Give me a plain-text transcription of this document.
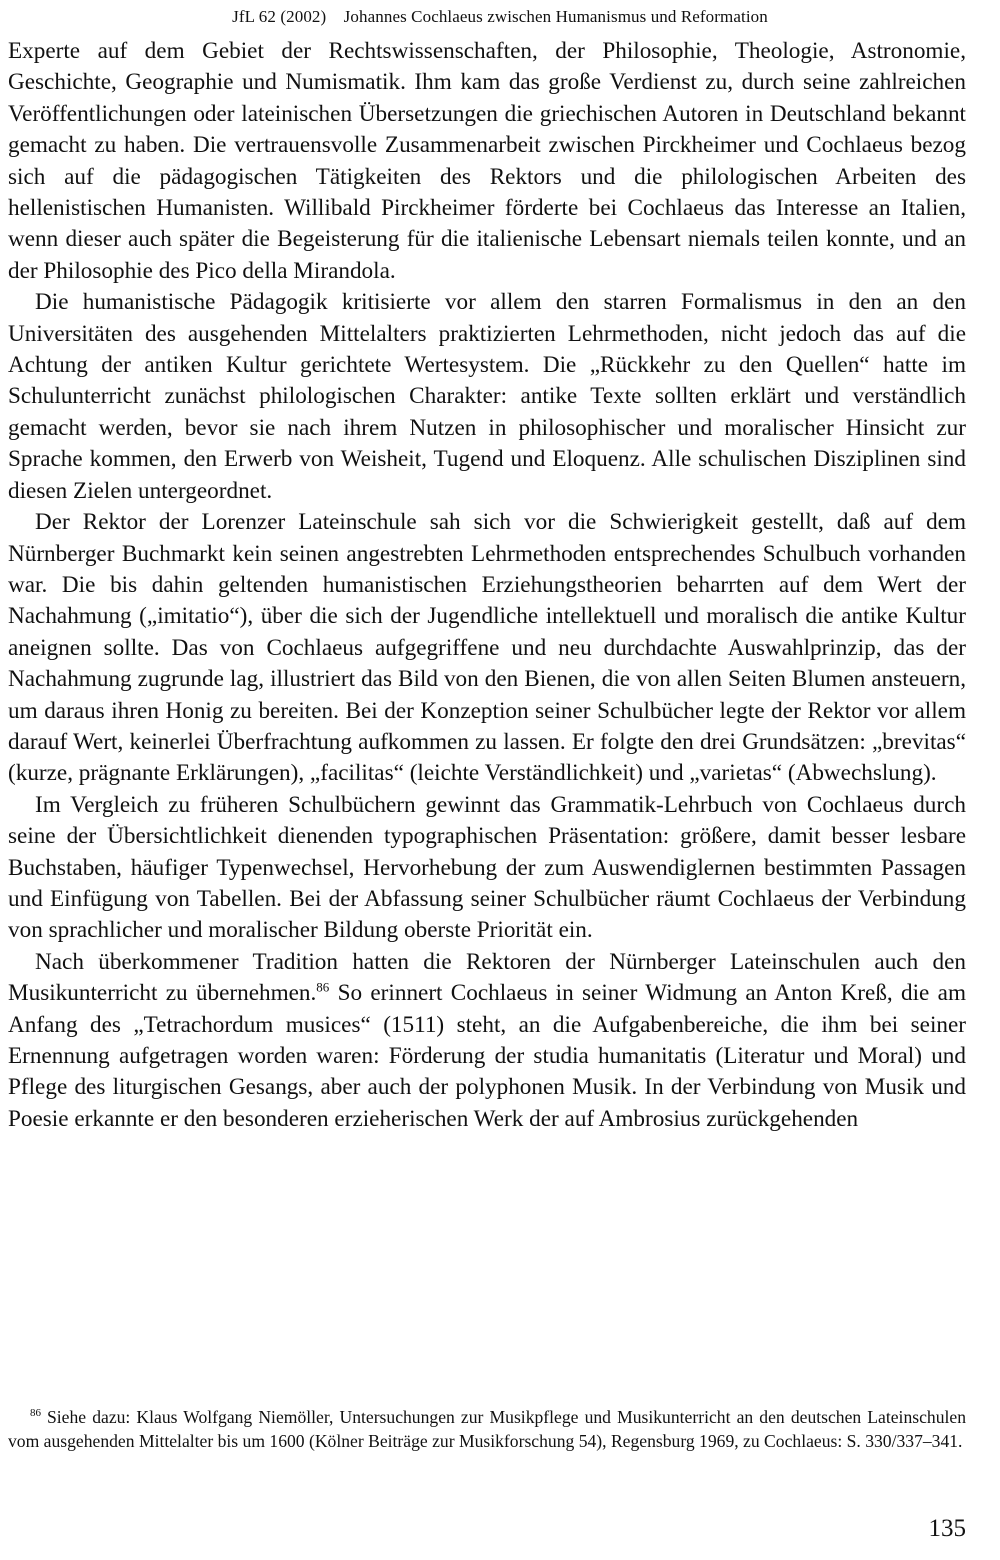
JfL 62 (2002)    Johannes Cochlaeus zwischen Humanismus und Reformation

Experte auf dem Gebiet der Rechtswissenschaften, der Philosophie, Theologie, Astronomie, Geschichte, Geographie und Numismatik. Ihm kam das große Verdienst zu, durch seine zahlreichen Veröffentlichungen oder lateinischen Übersetzungen die griechischen Autoren in Deutschland bekannt gemacht zu haben. Die vertrauensvolle Zusammenarbeit zwischen Pirckheimer und Cochlaeus bezog sich auf die pädagogischen Tätigkeiten des Rektors und die philologischen Arbeiten des hellenistischen Humanisten. Willibald Pirckheimer förderte bei Cochlaeus das Interesse an Italien, wenn dieser auch später die Begeisterung für die italienische Lebensart niemals teilen konnte, und an der Philosophie des Pico della Mirandola.

Die humanistische Pädagogik kritisierte vor allem den starren Formalismus in den an den Universitäten des ausgehenden Mittelalters praktizierten Lehrmethoden, nicht jedoch das auf die Achtung der antiken Kultur gerichtete Wertesystem. Die „Rückkehr zu den Quellen“ hatte im Schulunterricht zunächst philologischen Charakter: antike Texte sollten erklärt und verständlich gemacht werden, bevor sie nach ihrem Nutzen in philosophischer und moralischer Hinsicht zur Sprache kommen, den Erwerb von Weisheit, Tugend und Eloquenz. Alle schulischen Disziplinen sind diesen Zielen untergeordnet.

Der Rektor der Lorenzer Lateinschule sah sich vor die Schwierigkeit gestellt, daß auf dem Nürnberger Buchmarkt kein seinen angestrebten Lehrmethoden entsprechendes Schulbuch vorhanden war. Die bis dahin geltenden humanistischen Erziehungstheorien beharrten auf dem Wert der Nachahmung („imitatio“), über die sich der Jugendliche intellektuell und moralisch die antike Kultur aneignen sollte. Das von Cochlaeus aufgegriffene und neu durchdachte Auswahlprinzip, das der Nachahmung zugrunde lag, illustriert das Bild von den Bienen, die von allen Seiten Blumen ansteuern, um daraus ihren Honig zu bereiten. Bei der Konzeption seiner Schulbücher legte der Rektor vor allem darauf Wert, keinerlei Überfrachtung aufkommen zu lassen. Er folgte den drei Grundsätzen: „brevitas“ (kurze, prägnante Erklärungen), „facilitas“ (leichte Verständlichkeit) und „varietas“ (Abwechslung).

Im Vergleich zu früheren Schulbüchern gewinnt das Grammatik-Lehrbuch von Cochlaeus durch seine der Übersichtlichkeit dienenden typographischen Präsentation: größere, damit besser lesbare Buchstaben, häufiger Typenwechsel, Hervorhebung der zum Auswendiglernen bestimmten Passagen und Einfügung von Tabellen. Bei der Abfassung seiner Schulbücher räumt Cochlaeus der Verbindung von sprachlicher und moralischer Bildung oberste Priorität ein.

Nach überkommener Tradition hatten die Rektoren der Nürnberger Lateinschulen auch den Musikunterricht zu übernehmen.$^{86}$ So erinnert Cochlaeus in seiner Widmung an Anton Kreß, die am Anfang des „Tetrachordum musices“ (1511) steht, an die Aufgabenbereiche, die ihm bei seiner Ernennung aufgetragen worden waren: Förderung der studia humanitatis (Literatur und Moral) und Pflege des liturgischen Gesangs, aber auch der polyphonen Musik. In der Verbindung von Musik und Poesie erkannte er den besonderen erzieherischen Werk der auf Ambrosius zurückgehenden

$^{86}$ Siehe dazu: Klaus Wolfgang Niemöller, Untersuchungen zur Musikpflege und Musikunterricht an den deutschen Lateinschulen vom ausgehenden Mittelalter bis um 1600 (Kölner Beiträge zur Musikforschung 54), Regensburg 1969, zu Cochlaeus: S. 330/337–341.
135
